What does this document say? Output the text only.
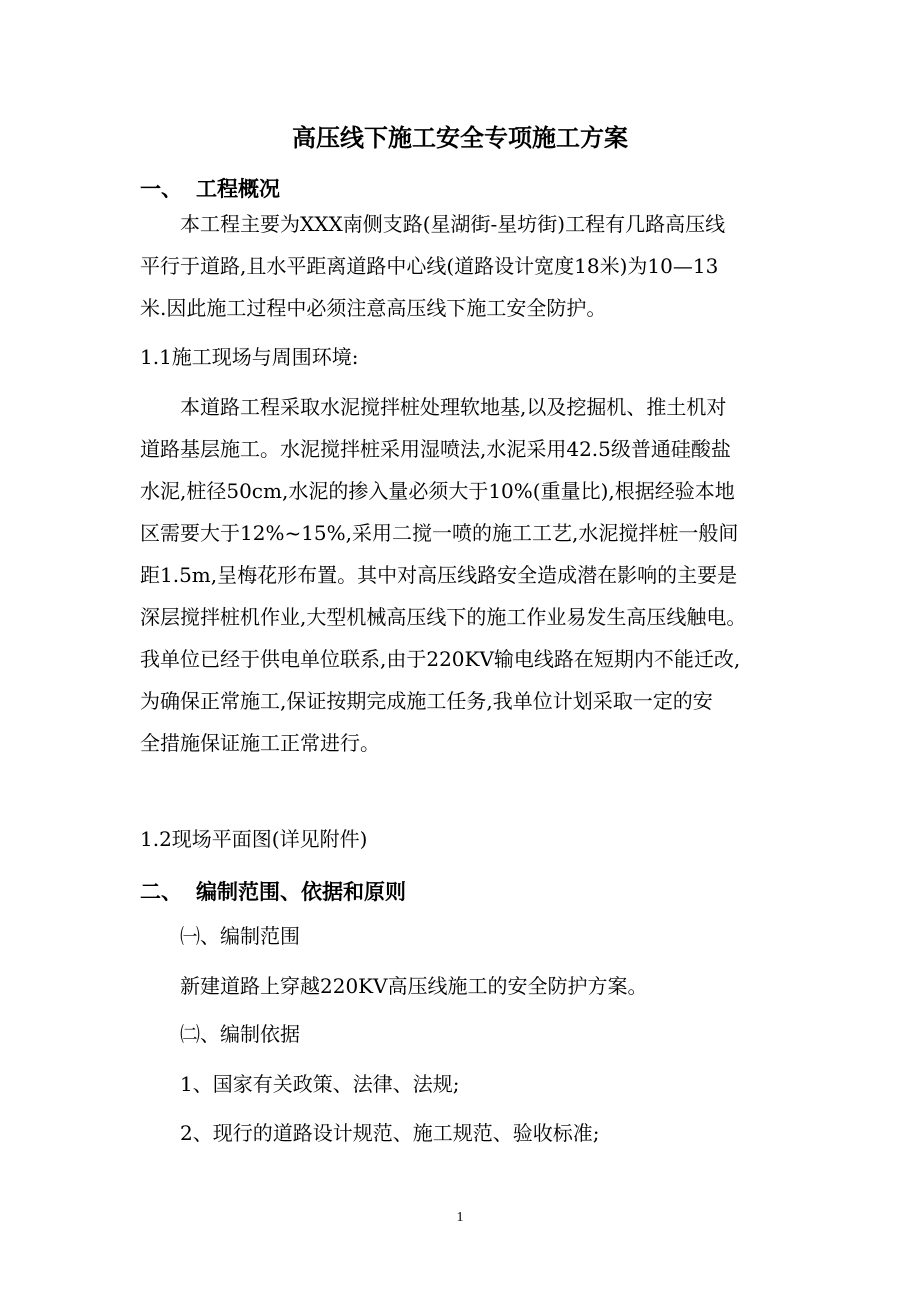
高压线下施工安全专项施工方案
一、 工程概况
本工程主要为XXX南侧支路(星湖街-星坊街)工程有几路高压线
平行于道路,且水平距离道路中心线(道路设计宽度18米)为10—13
米.因此施工过程中必须注意高压线下施工安全防护。
1.1施工现场与周围环境:
本道路工程采取水泥搅拌桩处理软地基,以及挖掘机、推土机对
道路基层施工。水泥搅拌桩采用湿喷法,水泥采用42.5级普通硅酸盐
水泥,桩径50cm,水泥的掺入量必须大于10%(重量比),根据经验本地
区需要大于12%~15%,采用二搅一喷的施工工艺,水泥搅拌桩一般间
距1.5m,呈梅花形布置。其中对高压线路安全造成潜在影响的主要是
深层搅拌桩机作业,大型机械高压线下的施工作业易发生高压线触电。
我单位已经于供电单位联系,由于220KV输电线路在短期内不能迁改,
为确保正常施工,保证按期完成施工任务,我单位计划采取一定的安
全措施保证施工正常进行。
1.2现场平面图(详见附件)
二、 编制范围、依据和原则
㈠、编制范围
新建道路上穿越220KV高压线施工的安全防护方案。
㈡、编制依据
1、国家有关政策、法律、法规;
2、现行的道路设计规范、施工规范、验收标准;
1
